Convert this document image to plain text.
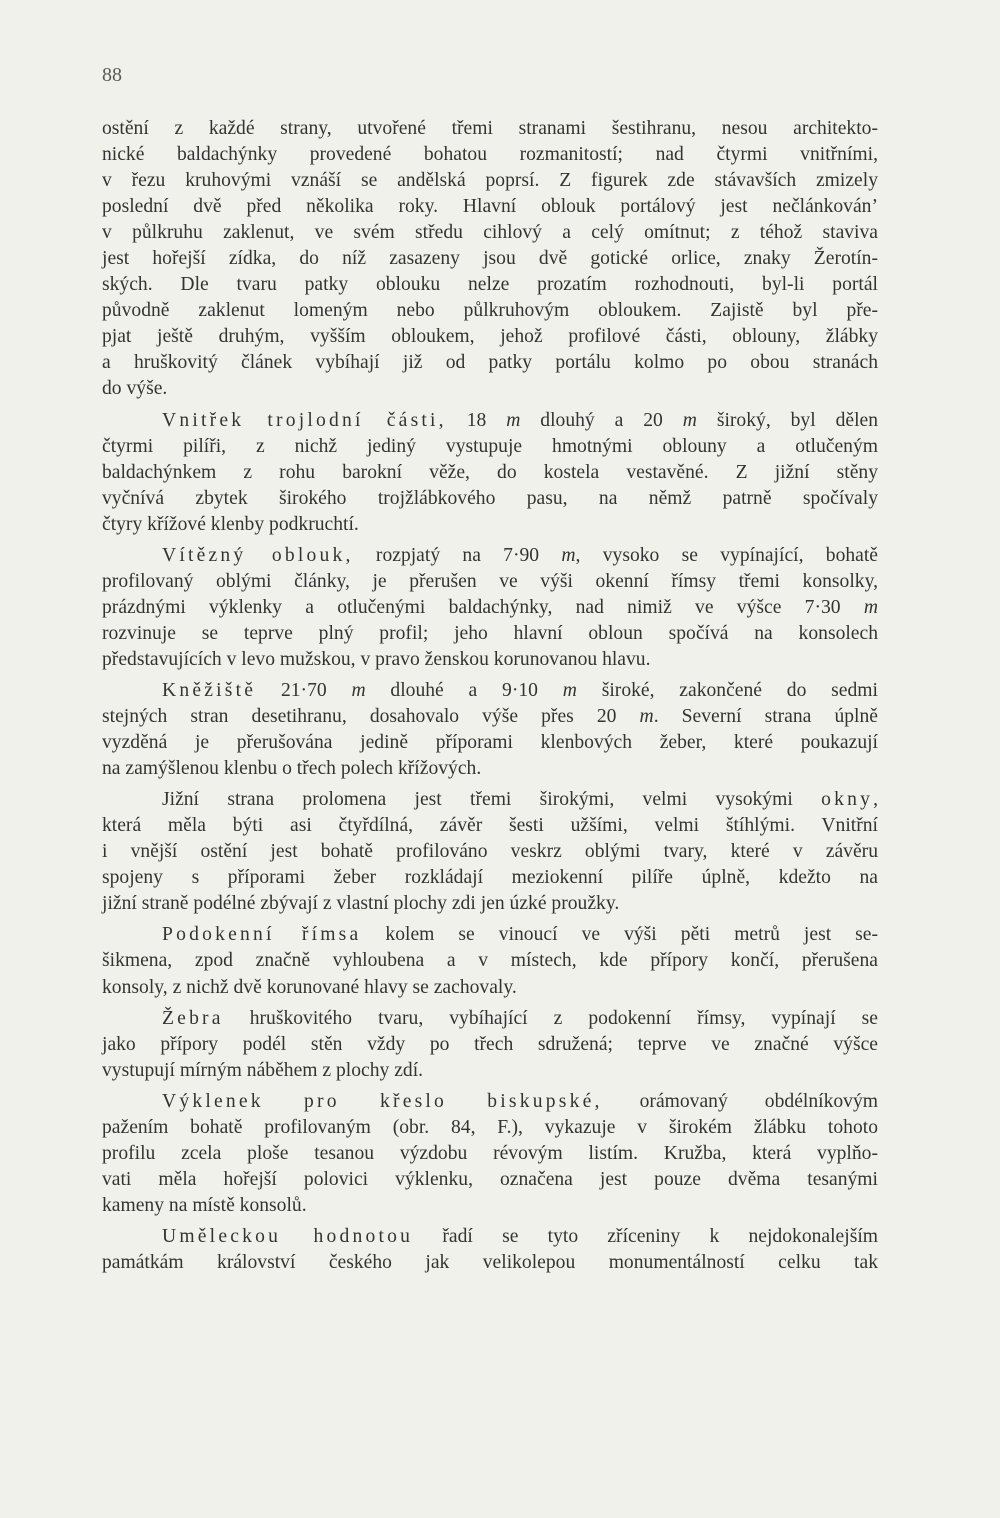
88
ostění z každé strany, utvořené třemi stranami šestihranu, nesou architekto-
nické baldachýnky provedené bohatou rozmanitostí; nad čtyrmi vnitřními,
v řezu kruhovými vznáší se andělská poprsí. Z figurek zde stávavších zmizely
poslední dvě před několika roky. Hlavní oblouk portálový jest nečlánkován’
v půlkruhu zaklenut, ve svém středu cihlový a celý omítnut; z téhož staviva
jest hořejší zídka, do níž zasazeny jsou dvě gotické orlice, znaky Žerotín-
ských. Dle tvaru patky oblouku nelze prozatím rozhodnouti, byl-li portál
původně zaklenut lomeným nebo půlkruhovým obloukem. Zajistě byl pře-
pjat ještě druhým, vyšším obloukem, jehož profilové části, oblouny, žlábky
a hruškovitý článek vybíhají již od patky portálu kolmo po obou stranách
do výše.
Vnitřek trojlodní části, 18 m dlouhý a 20 m široký, byl dělen
čtyrmi pilíři, z nichž jediný vystupuje hmotnými oblouny a otlučeným
baldachýnkem z rohu barokní věže, do kostela vestavěné. Z jižní stěny
vyčnívá zbytek širokého trojžlábkového pasu, na němž patrně spočívaly
čtyry křížové klenby podkruchtí.
Vítězný oblouk, rozpjatý na 7·90 m, vysoko se vypínající, bohatě
profilovaný oblými články, je přerušen ve výši okenní římsy třemi konsolky,
prázdnými výklenky a otlučenými baldachýnky, nad nimiž ve výšce 7·30 m
rozvinuje se teprve plný profil; jeho hlavní obloun spočívá na konsolech
představujících v levo mužskou, v pravo ženskou korunovanou hlavu.
Kněžiště 21·70 m dlouhé a 9·10 m široké, zakončené do sedmi
stejných stran desetihranu, dosahovalo výše přes 20 m. Severní strana úplně
vyzděná je přerušována jedině příporami klenbových žeber, které poukazují
na zamýšlenou klenbu o třech polech křížových.
Jižní strana prolomena jest třemi širokými, velmi vysokými okny,
která měla býti asi čtyřdílná, závěr šesti užšími, velmi štíhlými. Vnitřní
i vnější ostění jest bohatě profilováno veskrz oblými tvary, které v závěru
spojeny s příporami žeber rozkládají meziokenní pilíře úplně, kdežto na
jižní straně podélné zbývají z vlastní plochy zdi jen úzké proužky.
Podokenní římsa kolem se vinoucí ve výši pěti metrů jest se-
šikmena, zpod značně vyhloubena a v místech, kde přípory končí, přerušena
konsoly, z nichž dvě korunované hlavy se zachovaly.
Žebra hruškovitého tvaru, vybíhající z podokenní římsy, vypínají se
jako přípory podél stěn vždy po třech sdružená; teprve ve značné výšce
vystupují mírným náběhem z plochy zdí.
Výklenek pro křeslo biskupské, orámovaný obdélníkovým
pažením bohatě profilovaným (obr. 84, F.), vykazuje v širokém žlábku tohoto
profilu zcela ploše tesanou výzdobu révovým listím. Kružba, která vyplňo-
vati měla hořejší polovici výklenku, označena jest pouze dvěma tesanými
kameny na místě konsolů.
Uměleckou hodnotou řadí se tyto zříceniny k nejdokonalejším
památkám království českého jak velikolepou monumentálností celku tak
